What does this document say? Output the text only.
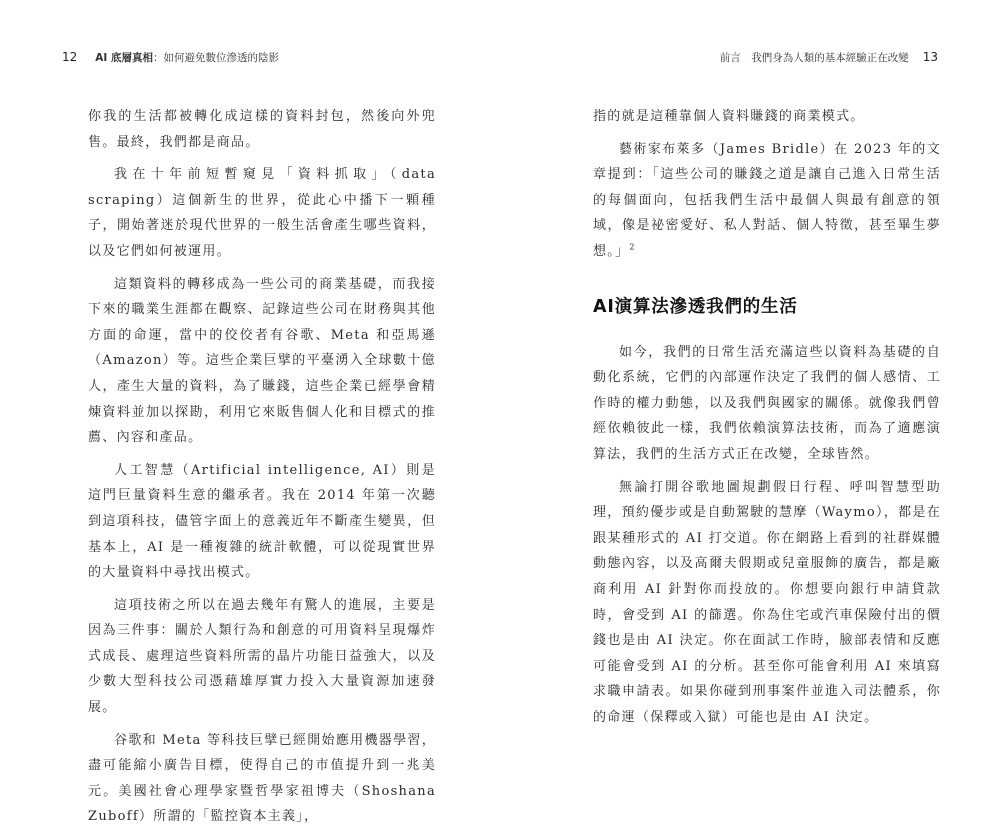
12 AI 底層真相：如何避免數位滲透的陰影

你我的生活都被轉化成這樣的資料封包，然後向外兜售。最終，我們都是商品。

我在十年前短暫窺見「資料抓取」（data scraping）這個新生的世界，從此心中播下一顆種子，開始著迷於現代世界的一般生活會產生哪些資料，以及它們如何被運用。

這類資料的轉移成為一些公司的商業基礎，而我接下來的職業生涯都在觀察、記錄這些公司在財務與其他方面的命運，當中的佼佼者有谷歌、Meta 和亞馬遜（Amazon）等。這些企業巨擘的平臺湧入全球數十億人，產生大量的資料，為了賺錢，這些企業已經學會精煉資料並加以探勘，利用它來販售個人化和目標式的推薦、內容和產品。

人工智慧（Artificial intelligence, AI）則是這門巨量資料生意的繼承者。我在 2014 年第一次聽到這項科技，儘管字面上的意義近年不斷產生變異，但基本上，AI 是一種複雜的統計軟體，可以從現實世界的大量資料中尋找出模式。

這項技術之所以在過去幾年有驚人的進展，主要是因為三件事：關於人類行為和創意的可用資料呈現爆炸式成長、處理這些資料所需的晶片功能日益強大，以及少數大型科技公司憑藉雄厚實力投入大量資源加速發展。

谷歌和 Meta 等科技巨擘已經開始應用機器學習，盡可能縮小廣告目標，使得自己的市值提升到一兆美元。美國社會心理學家暨哲學家祖博夫（Shoshana Zuboff）所謂的「監控資本主義」，

前言　我們身為人類的基本經驗正在改變 13

指的就是這種靠個人資料賺錢的商業模式。

藝術家布萊多（James Bridle）在 2023 年的文章提到：「這些公司的賺錢之道是讓自己進入日常生活的每個面向，包括我們生活中最個人與最有創意的領域，像是祕密愛好、私人對話、個人特徵，甚至畢生夢想。」$^2$

AI演算法滲透我們的生活

如今，我們的日常生活充滿這些以資料為基礎的自動化系統，它們的內部運作決定了我們的個人感情、工作時的權力動態，以及我們與國家的關係。就像我們曾經依賴彼此一樣，我們依賴演算法技術，而為了適應演算法，我們的生活方式正在改變，全球皆然。

無論打開谷歌地圖規劃假日行程、呼叫智慧型助理，預約優步或是自動駕駛的慧摩（Waymo），都是在跟某種形式的 AI 打交道。你在網路上看到的社群媒體動態內容，以及高爾夫假期或兒童服飾的廣告，都是廠商利用 AI 針對你而投放的。你想要向銀行申請貸款時，會受到 AI 的篩選。你為住宅或汽車保險付出的價錢也是由 AI 決定。你在面試工作時，臉部表情和反應可能會受到 AI 的分析。甚至你可能會利用 AI 來填寫求職申請表。如果你碰到刑事案件並進入司法體系，你的命運（保釋或入獄）可能也是由 AI 決定。
